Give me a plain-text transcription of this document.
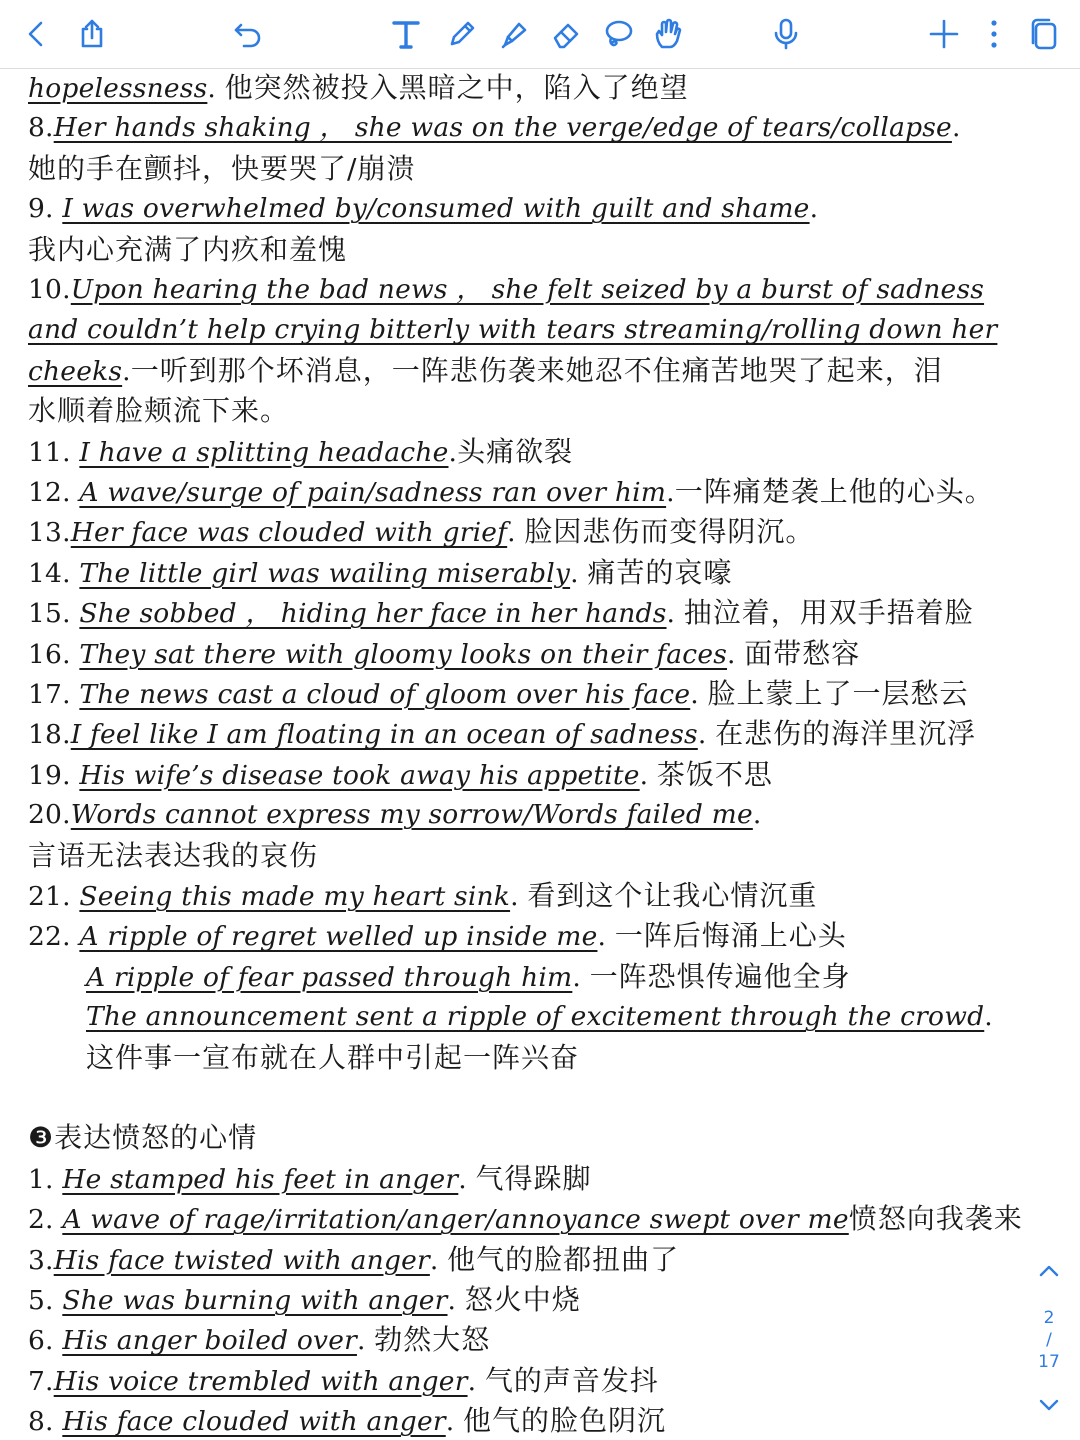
hopelessness. 他突然被投入黑暗之中，陷入了绝望
8.Her hands shaking ， she was on the verge/edge of tears/collapse.
她的手在颤抖，快要哭了/崩溃
9. I was overwhelmed by/consumed with guilt and shame.
我内心充满了内疚和羞愧
10.Upon hearing the bad news ， she felt seized by a burst of sadness
and couldn’t help crying bitterly with tears streaming/rolling down her
cheeks.一听到那个坏消息，一阵悲伤袭来她忍不住痛苦地哭了起来，泪
水顺着脸颊流下来。
11. I have a splitting headache.头痛欲裂
12. A wave/surge of pain/sadness ran over him.一阵痛楚袭上他的心头。
13.Her face was clouded with grief. 脸因悲伤而变得阴沉。
14. The little girl was wailing miserably. 痛苦的哀嚎
15. She sobbed ， hiding her face in her hands. 抽泣着，用双手捂着脸
16. They sat there with gloomy looks on their faces. 面带愁容
17. The news cast a cloud of gloom over his face. 脸上蒙上了一层愁云
18.I feel like I am floating in an ocean of sadness. 在悲伤的海洋里沉浮
19. His wife’s disease took away his appetite. 茶饭不思
20.Words cannot express my sorrow/Words failed me.
言语无法表达我的哀伤
21. Seeing this made my heart sink. 看到这个让我心情沉重
22. A ripple of regret welled up inside me. 一阵后悔涌上心头
A ripple of fear passed through him. 一阵恐惧传遍他全身
The announcement sent a ripple of excitement through the crowd.
这件事一宣布就在人群中引起一阵兴奋
❸表达愤怒的心情
1. He stamped his feet in anger. 气得跺脚
2. A wave of rage/irritation/anger/annoyance swept over me愤怒向我袭来
3.His face twisted with anger. 他气的脸都扭曲了
5. She was burning with anger. 怒火中烧
6. His anger boiled over. 勃然大怒
7.His voice trembled with anger. 气的声音发抖
8. His face clouded with anger. 他气的脸色阴沉
2
/
17
